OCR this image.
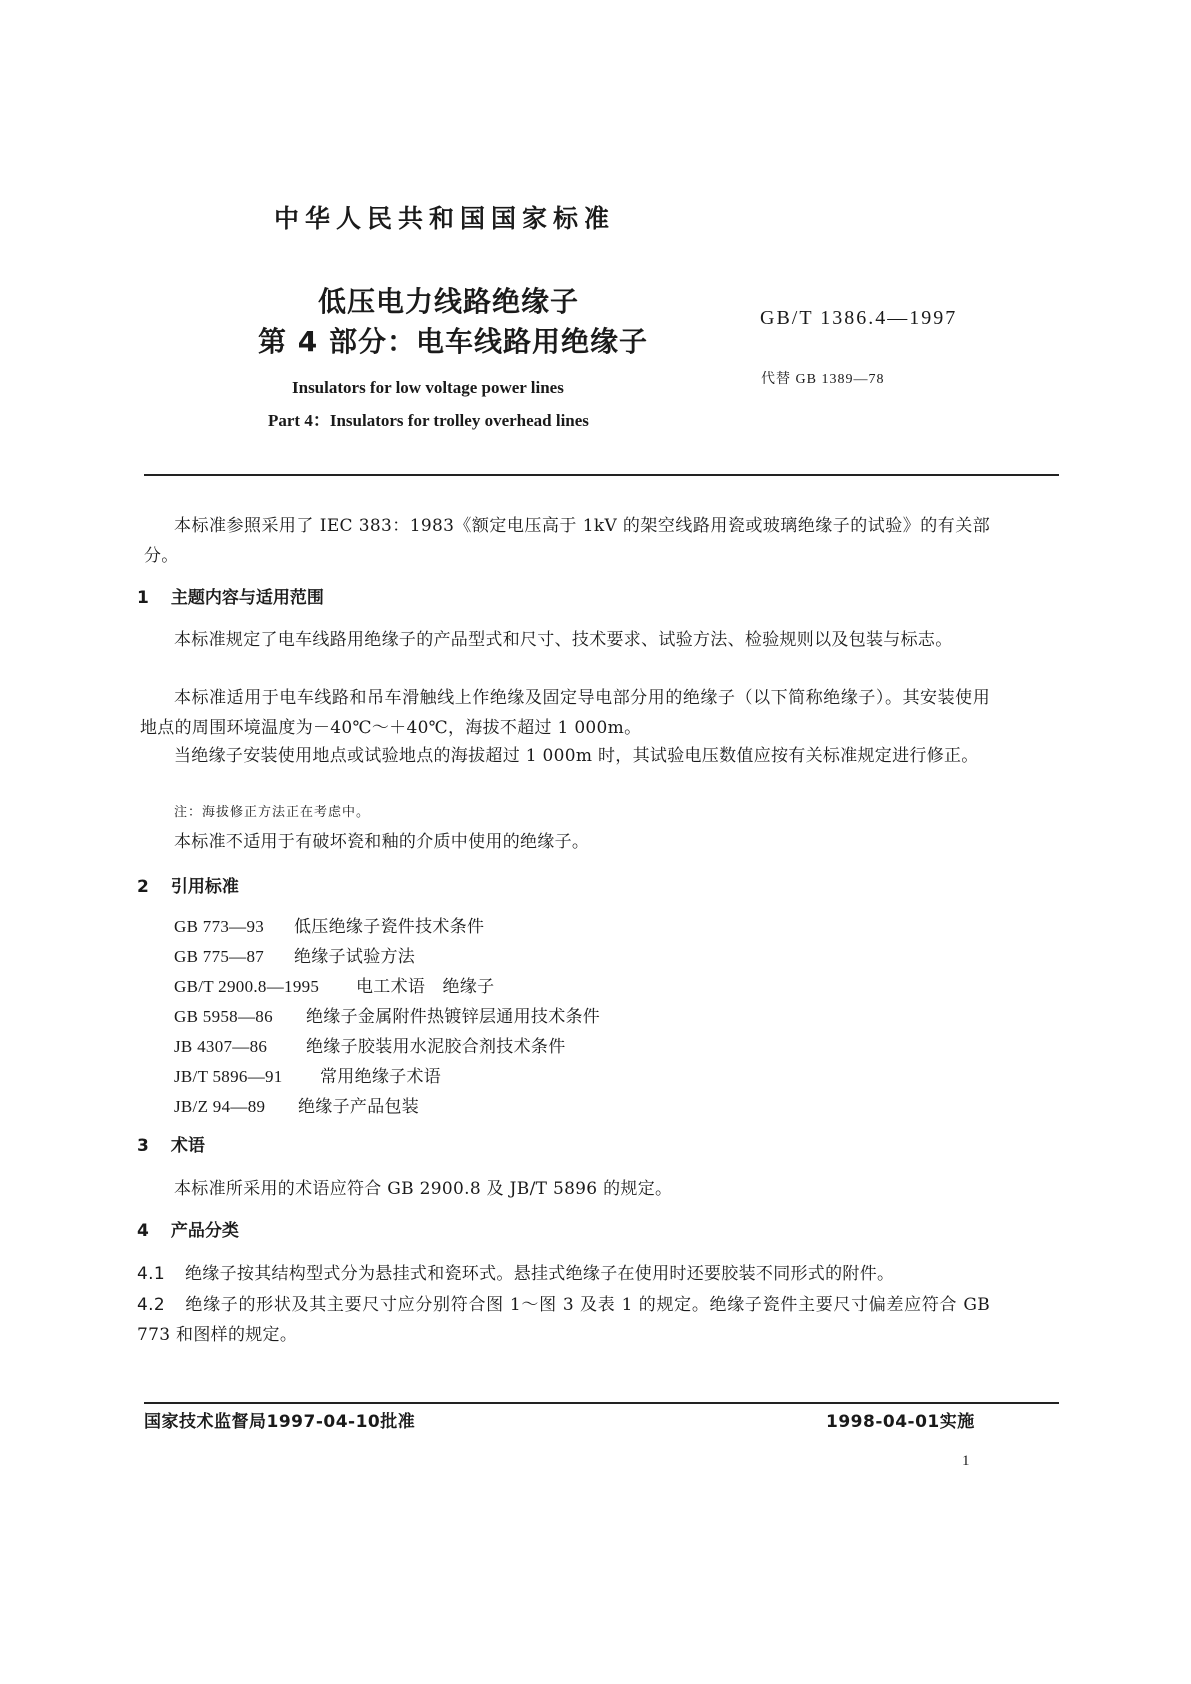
中华人民共和国国家标准
低压电力线路绝缘子
第 4 部分：电车线路用绝缘子
Insulators for low voltage power lines
Part 4：Insulators for trolley overhead lines
GB/T 1386.4—1997
代替 GB 1389—78
本标准参照采用了 IEC 383：1983《额定电压高于 1kV 的架空线路用瓷或玻璃绝缘子的试验》的有关部分。
1 主题内容与适用范围
本标准规定了电车线路用绝缘子的产品型式和尺寸、技术要求、试验方法、检验规则以及包装与标志。
本标准适用于电车线路和吊车滑触线上作绝缘及固定导电部分用的绝缘子（以下简称绝缘子）。其安装使用地点的周围环境温度为－40℃～＋40℃，海拔不超过 1 000m。
当绝缘子安装使用地点或试验地点的海拔超过 1 000m 时，其试验电压数值应按有关标准规定进行修正。
注：海拔修正方法正在考虑中。
本标准不适用于有破坏瓷和釉的介质中使用的绝缘子。
2 引用标准
GB 773—93 低压绝缘子瓷件技术条件
GB 775—87 绝缘子试验方法
GB/T 2900.8—1995 电工术语　绝缘子
GB 5958—86 绝缘子金属附件热镀锌层通用技术条件
JB 4307—86 绝缘子胶装用水泥胶合剂技术条件
JB/T 5896—91 常用绝缘子术语
JB/Z 94—89 绝缘子产品包装
3 术语
本标准所采用的术语应符合 GB 2900.8 及 JB/T 5896 的规定。
4 产品分类
4.1 绝缘子按其结构型式分为悬挂式和瓷环式。悬挂式绝缘子在使用时还要胶装不同形式的附件。
4.2 绝缘子的形状及其主要尺寸应分别符合图 1～图 3 及表 1 的规定。绝缘子瓷件主要尺寸偏差应符合 GB 773 和图样的规定。
国家技术监督局1997-04-10批准	1998-04-01实施
1
